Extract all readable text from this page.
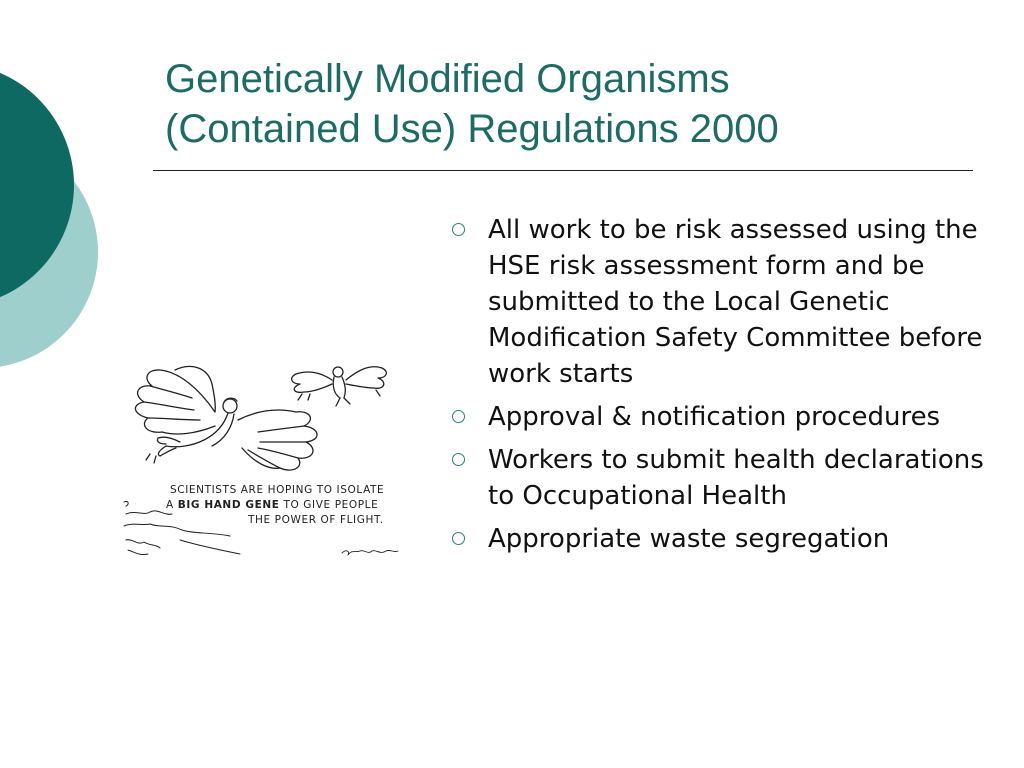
Genetically Modified Organisms
(Contained Use) Regulations 2000
All work to be risk assessed using the HSE risk assessment form and be submitted to the Local Genetic Modification Safety Committee before work starts
Approval & notification procedures
Workers to submit health declarations to Occupational Health
Appropriate waste segregation
SCIENTISTS ARE HOPING TO ISOLATE
A BIG HAND GENE TO GIVE PEOPLE
THE POWER OF FLIGHT.
